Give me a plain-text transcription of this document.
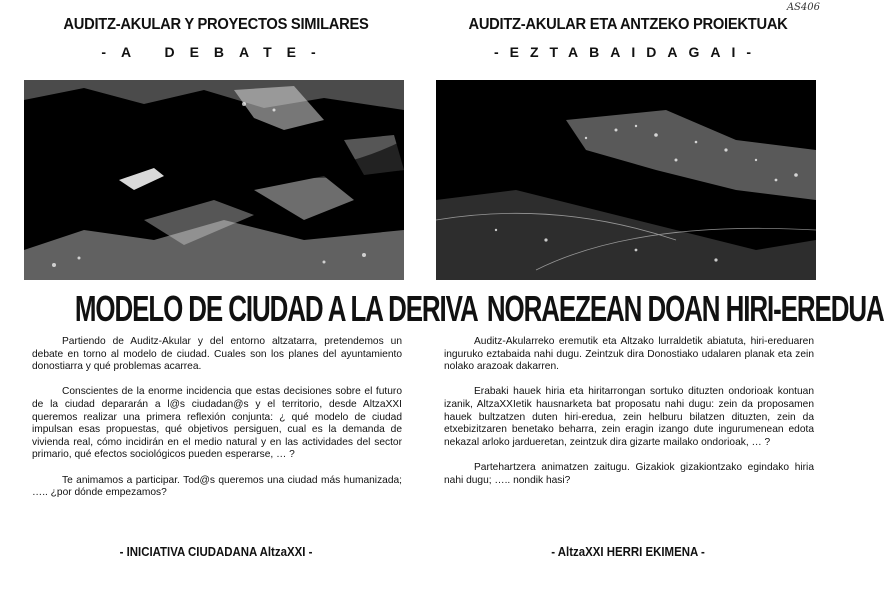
AS406
AUDITZ-AKULAR Y PROYECTOS SIMILARES
-A DEBATE-
MODELO DE CIUDAD A LA DERIVA

Partiendo de Auditz-Akular y del entorno altzatarra, pretendemos un debate en torno al modelo de ciudad. Cuales son los planes del ayuntamiento donostiarra y qué problemas acarrea.

Conscientes de la enorme incidencia que estas decisiones sobre el futuro de la ciudad depararán a l@s ciudadan@s y el territorio, desde AltzaXXI queremos realizar una primera reflexión conjunta: ¿ qué modelo de ciudad impulsan esas propuestas, qué objetivos persiguen, cual es la demanda de vivienda real, cómo incidirán en el medio natural y en las actividades del sector primario, qué efectos sociológicos pueden esperarse, … ?

Te animamos a participar. Tod@s queremos una ciudad más humanizada; ….. ¿por dónde empezamos?

- INICIATIVA CIUDADANA AltzaXXI -
AUDITZ-AKULAR ETA ANTZEKO PROIEKTUAK
-EZTABAIDAGAI-
NORAEZEAN DOAN HIRI-EREDUA

Auditz-Akularreko eremutik eta Altzako lurraldetik abiatuta, hiri-ereduaren inguruko eztabaida nahi dugu. Zeintzuk dira Donostiako udalaren planak eta zein nolako arazoak dakarren.

Erabaki hauek hiria eta hiritarrongan sortuko dituzten ondorioak kontuan izanik, AltzaXXIetik hausnarketa bat proposatu nahi dugu: zein da proposamen hauek bultzatzen duten hiri-eredua, zein helburu bilatzen dituzten, zein da etxebizitzaren benetako beharra, zein eragin izango dute ingurumenean edota nekazal arloko jardueretan, zeintzuk dira gizarte mailako ondorioak, … ?

Partehartzera animatzen zaitugu. Gizakiok gizakiontzako egindako hiria nahi dugu; ….. nondik hasi?

- AltzaXXI HERRI EKIMENA -
